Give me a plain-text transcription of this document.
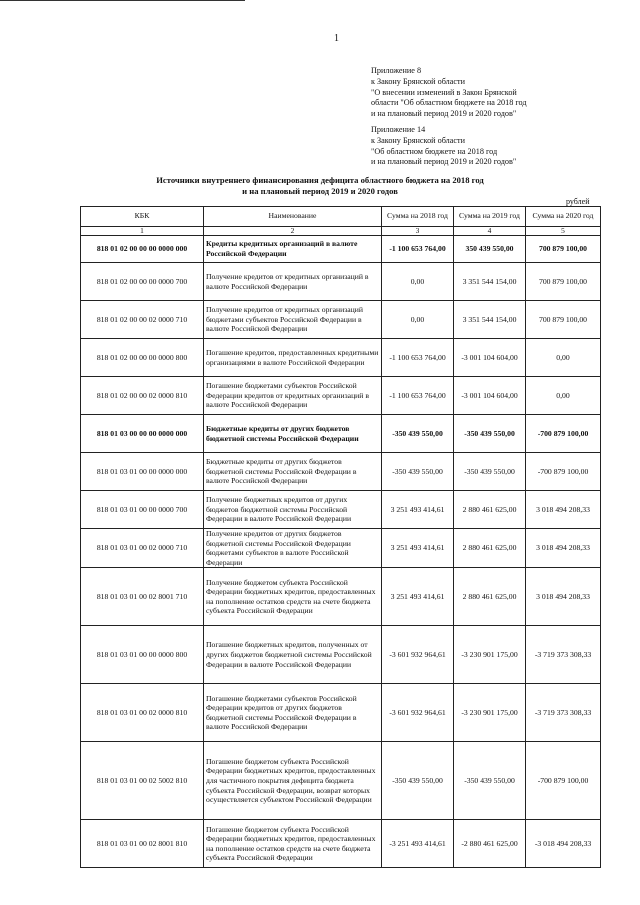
1
Приложение 8
к Закону Брянской области
"О внесении изменений в Закон Брянской
области "Об областном бюджете на 2018 год
и на плановый период 2019 и 2020 годов"
Приложение 14
к Закону Брянской области
"Об областном бюджете на 2018 год
и на плановый период 2019 и 2020 годов"
Источники внутреннего финансирования дефицита областного бюджета на 2018 год
и на плановый период 2019 и 2020 годов
рублей
КБК	Наименование	Сумма на 2018 год	Сумма на 2019 год	Сумма на 2020 год
1	2	3	4	5
818 01 02 00 00 00 0000 000	Кредиты кредитных организаций в валюте Российской Федерации	-1 100 653 764,00	350 439 550,00	700 879 100,00
818 01 02 00 00 00 0000 700	Получение кредитов от кредитных организаций в валюте Российской Федерации	0,00	3 351 544 154,00	700 879 100,00
818 01 02 00 00 02 0000 710	Получение кредитов от кредитных организаций бюджетами субъектов Российской Федерации в валюте Российской Федерации	0,00	3 351 544 154,00	700 879 100,00
818 01 02 00 00 00 0000 800	Погашение кредитов, предоставленных кредитными организациями в валюте Российской Федерации	-1 100 653 764,00	-3 001 104 604,00	0,00
818 01 02 00 00 02 0000 810	Погашение бюджетами субъектов Российской Федерации кредитов от кредитных организаций в валюте Российской Федерации	-1 100 653 764,00	-3 001 104 604,00	0,00
818 01 03 00 00 00 0000 000	Бюджетные кредиты от других бюджетов бюджетной системы Российской Федерации	-350 439 550,00	-350 439 550,00	-700 879 100,00
818 01 03 01 00 00 0000 000	Бюджетные кредиты от других бюджетов бюджетной системы Российской Федерации в валюте Российской Федерации	-350 439 550,00	-350 439 550,00	-700 879 100,00
818 01 03 01 00 00 0000 700	Получение бюджетных кредитов от других бюджетов бюджетной системы Российской Федерации в валюте Российской Федерации	3 251 493 414,61	2 880 461 625,00	3 018 494 208,33
818 01 03 01 00 02 0000 710	Получение кредитов от других бюджетов бюджетной системы Российской Федерации бюджетами субъектов в валюте Российской Федерации	3 251 493 414,61	2 880 461 625,00	3 018 494 208,33
818 01 03 01 00 02 8001 710	Получение бюджетом субъекта Российской Федерации бюджетных кредитов, предоставленных на пополнение остатков средств на счете бюджета субъекта Российской Федерации	3 251 493 414,61	2 880 461 625,00	3 018 494 208,33
818 01 03 01 00 00 0000 800	Погашение бюджетных кредитов, полученных от других бюджетов бюджетной системы Российской Федерации в валюте Российской Федерации	-3 601 932 964,61	-3 230 901 175,00	-3 719 373 308,33
818 01 03 01 00 02 0000 810	Погашение бюджетами субъектов Российской Федерации кредитов от других бюджетов бюджетной системы Российской Федерации в валюте Российской Федерации	-3 601 932 964,61	-3 230 901 175,00	-3 719 373 308,33
818 01 03 01 00 02 5002 810	Погашение бюджетом субъекта Российской Федерации бюджетных кредитов, предоставленных для частичного покрытия дефицита бюджета субъекта Российской Федерации, возврат которых осуществляется субъектом Российской Федерации	-350 439 550,00	-350 439 550,00	-700 879 100,00
818 01 03 01 00 02 8001 810	Погашение бюджетом субъекта Российской Федерации бюджетных кредитов, предоставленных на пополнение остатков средств на счете бюджета субъекта Российской Федерации	-3 251 493 414,61	-2 880 461 625,00	-3 018 494 208,33
